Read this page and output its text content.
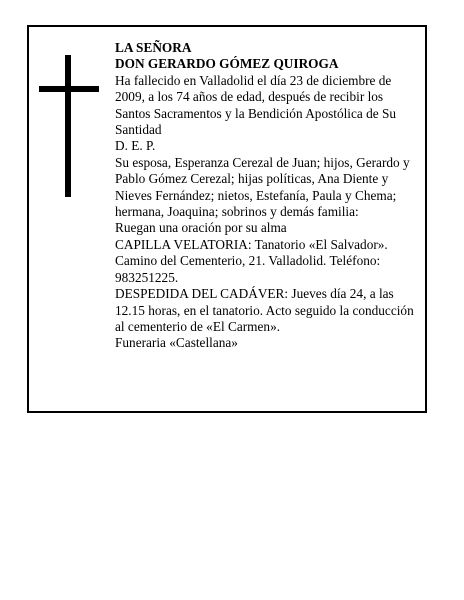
LA SEÑORA

DON GERARDO GÓMEZ QUIROGA

Ha fallecido en Valladolid el día 23 de diciembre de 2009, a los 74 años de edad, después de recibir los Santos Sacramentos y la Bendición Apostólica de Su Santidad

D. E. P.

Su esposa, Esperanza Cerezal de Juan; hijos, Gerardo y Pablo Gómez Cerezal; hijas políticas, Ana Diente y Nieves Fernández; nietos, Estefanía, Paula y Chema; hermana, Joaquina; sobrinos y demás familia:

Ruegan una oración por su alma

CAPILLA VELATORIA: Tanatorio «El Salvador». Camino del Cementerio, 21. Valladolid. Teléfono: 983251225.

DESPEDIDA DEL CADÁVER: Jueves día 24, a las 12.15 horas, en el tanatorio. Acto seguido la conducción al cementerio de «El Carmen».

Funeraria «Castellana»
